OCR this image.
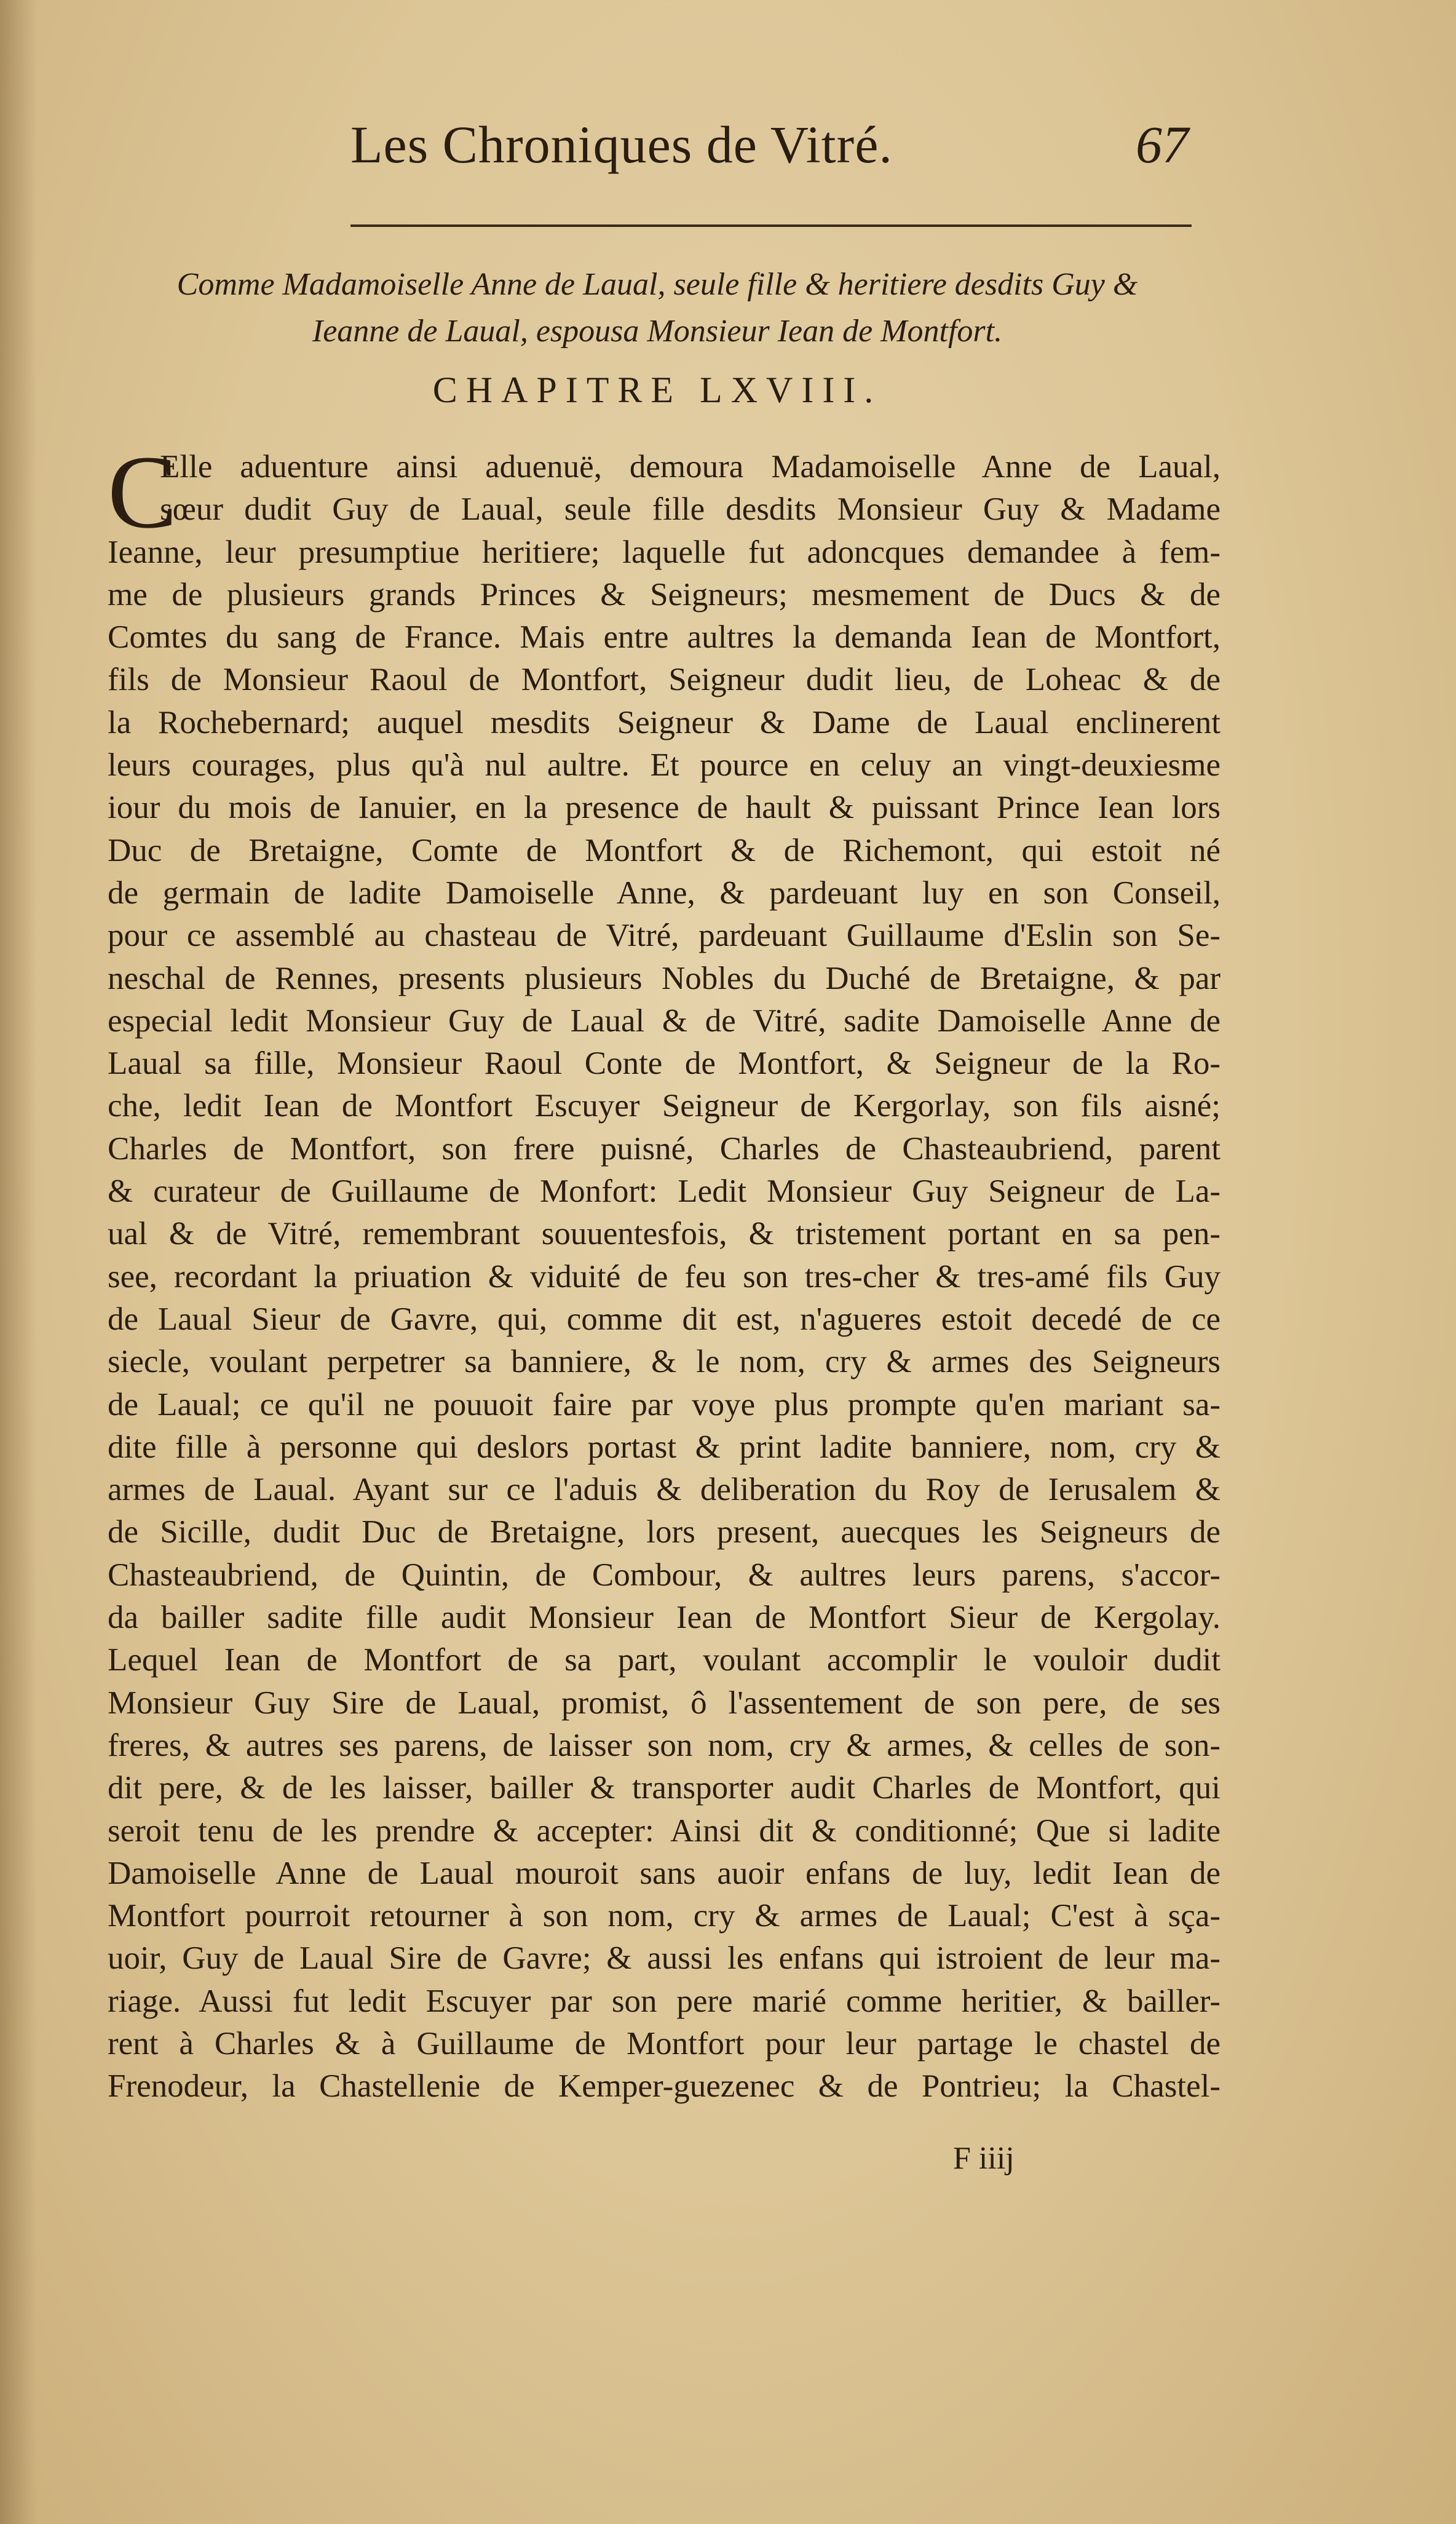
Les Chroniques de Vitré.	67
Comme Madamoiselle Anne de Laual, seule fille & heritiere desdits Guy &
Ieanne de Laual, espousa Monsieur Iean de Montfort.
CHAPITRE LXVIII.
C
Elle aduenture ainsi aduenuë, demoura Madamoiselle Anne de Laual,
sœur dudit Guy de Laual, seule fille desdits Monsieur Guy & Madame
Ieanne, leur presumptiue heritiere; laquelle fut adoncques demandee à fem-
me de plusieurs grands Princes & Seigneurs; mesmement de Ducs & de
Comtes du sang de France. Mais entre aultres la demanda Iean de Montfort,
fils de Monsieur Raoul de Montfort, Seigneur dudit lieu, de Loheac & de
la Rochebernard; auquel mesdits Seigneur & Dame de Laual enclinerent
leurs courages, plus qu'à nul aultre. Et pource en celuy an vingt-deuxiesme
iour du mois de Ianuier, en la presence de hault & puissant Prince Iean lors
Duc de Bretaigne, Comte de Montfort & de Richemont, qui estoit né
de germain de ladite Damoiselle Anne, & pardeuant luy en son Conseil,
pour ce assemblé au chasteau de Vitré, pardeuant Guillaume d'Eslin son Se-
neschal de Rennes, presents plusieurs Nobles du Duché de Bretaigne, & par
especial ledit Monsieur Guy de Laual & de Vitré, sadite Damoiselle Anne de
Laual sa fille, Monsieur Raoul Conte de Montfort, & Seigneur de la Ro-
che, ledit Iean de Montfort Escuyer Seigneur de Kergorlay, son fils aisné;
Charles de Montfort, son frere puisné, Charles de Chasteaubriend, parent
& curateur de Guillaume de Monfort: Ledit Monsieur Guy Seigneur de La-
ual & de Vitré, remembrant souuentesfois, & tristement portant en sa pen-
see, recordant la priuation & viduité de feu son tres-cher & tres-amé fils Guy
de Laual Sieur de Gavre, qui, comme dit est, n'agueres estoit decedé de ce
siecle, voulant perpetrer sa banniere, & le nom, cry & armes des Seigneurs
de Laual; ce qu'il ne pouuoit faire par voye plus prompte qu'en mariant sa-
dite fille à personne qui deslors portast & print ladite banniere, nom, cry &
armes de Laual. Ayant sur ce l'aduis & deliberation du Roy de Ierusalem &
de Sicille, dudit Duc de Bretaigne, lors present, auecques les Seigneurs de
Chasteaubriend, de Quintin, de Combour, & aultres leurs parens, s'accor-
da bailler sadite fille audit Monsieur Iean de Montfort Sieur de Kergolay.
Lequel Iean de Montfort de sa part, voulant accomplir le vouloir dudit
Monsieur Guy Sire de Laual, promist, ô l'assentement de son pere, de ses
freres, & autres ses parens, de laisser son nom, cry & armes, & celles de son-
dit pere, & de les laisser, bailler & transporter audit Charles de Montfort, qui
seroit tenu de les prendre & accepter: Ainsi dit & conditionné; Que si ladite
Damoiselle Anne de Laual mouroit sans auoir enfans de luy, ledit Iean de
Montfort pourroit retourner à son nom, cry & armes de Laual; C'est à sça-
uoir, Guy de Laual Sire de Gavre; & aussi les enfans qui istroient de leur ma-
riage. Aussi fut ledit Escuyer par son pere marié comme heritier, & bailler-
rent à Charles & à Guillaume de Montfort pour leur partage le chastel de
Frenodeur, la Chastellenie de Kemper-guezenec & de Pontrieu; la Chastel-
F iiij
